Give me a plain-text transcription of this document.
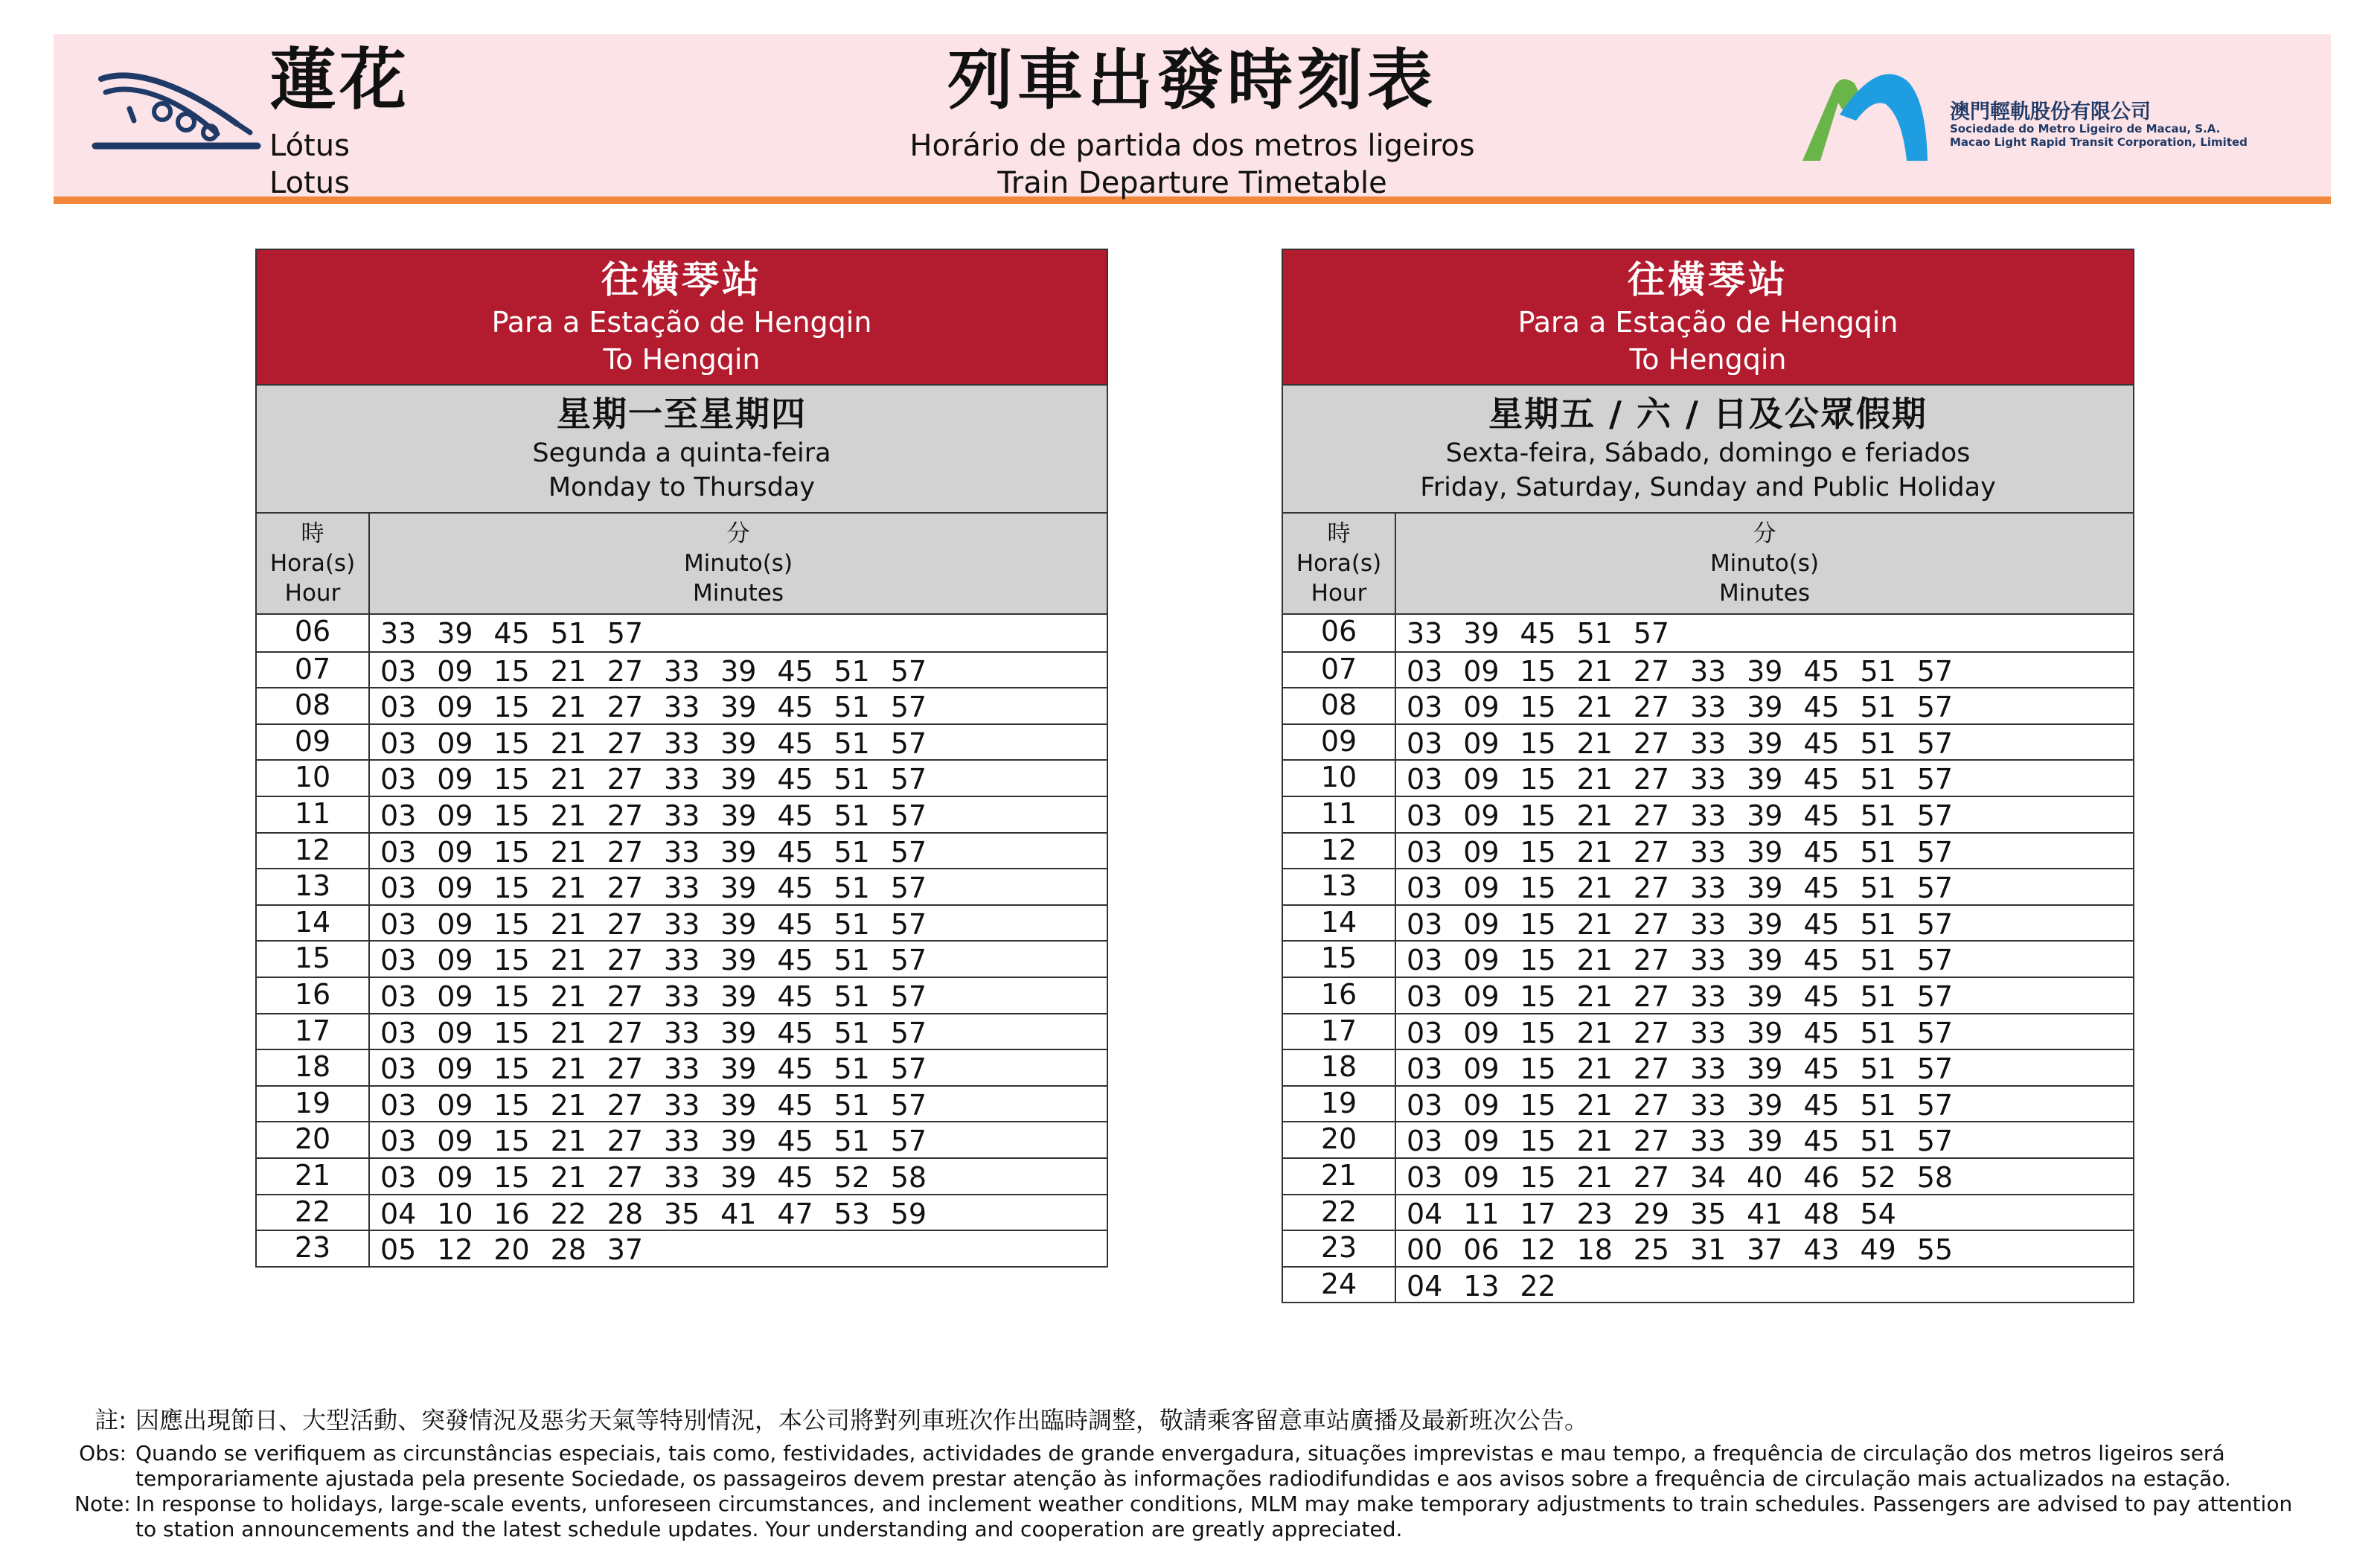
蓮花
Lótus
Lotus
列車出發時刻表
Horário de partida dos metros ligeiros
Train Departure Timetable
澳門輕軌股份有限公司
Sociedade do Metro Ligeiro de Macau, S.A.
Macao Light Rapid Transit Corporation, Limited
往橫琴站
Para a Estação de Hengqin
To Hengqin
星期一至星期四
Segunda a quinta-feira
Monday to Thursday
時
Hora(s)
Hour
分
Minuto(s)
Minutes
06	33 39 45 51 57
07	03 09 15 21 27 33 39 45 51 57
08	03 09 15 21 27 33 39 45 51 57
09	03 09 15 21 27 33 39 45 51 57
10	03 09 15 21 27 33 39 45 51 57
11	03 09 15 21 27 33 39 45 51 57
12	03 09 15 21 27 33 39 45 51 57
13	03 09 15 21 27 33 39 45 51 57
14	03 09 15 21 27 33 39 45 51 57
15	03 09 15 21 27 33 39 45 51 57
16	03 09 15 21 27 33 39 45 51 57
17	03 09 15 21 27 33 39 45 51 57
18	03 09 15 21 27 33 39 45 51 57
19	03 09 15 21 27 33 39 45 51 57
20	03 09 15 21 27 33 39 45 51 57
21	03 09 15 21 27 33 39 45 52 58
22	04 10 16 22 28 35 41 47 53 59
23	05 12 20 28 37
往橫琴站
Para a Estação de Hengqin
To Hengqin
星期五 / 六 / 日及公眾假期
Sexta-feira, Sábado, domingo e feriados
Friday, Saturday, Sunday and Public Holiday
時
Hora(s)
Hour
分
Minuto(s)
Minutes
06	33 39 45 51 57
07	03 09 15 21 27 33 39 45 51 57
08	03 09 15 21 27 33 39 45 51 57
09	03 09 15 21 27 33 39 45 51 57
10	03 09 15 21 27 33 39 45 51 57
11	03 09 15 21 27 33 39 45 51 57
12	03 09 15 21 27 33 39 45 51 57
13	03 09 15 21 27 33 39 45 51 57
14	03 09 15 21 27 33 39 45 51 57
15	03 09 15 21 27 33 39 45 51 57
16	03 09 15 21 27 33 39 45 51 57
17	03 09 15 21 27 33 39 45 51 57
18	03 09 15 21 27 33 39 45 51 57
19	03 09 15 21 27 33 39 45 51 57
20	03 09 15 21 27 33 39 45 51 57
21	03 09 15 21 27 34 40 46 52 58
22	04 11 17 23 29 35 41 48 54
23	00 06 12 18 25 31 37 43 49 55
24	04 13 22
註: 因應出現節日、大型活動、突發情況及惡劣天氣等特別情況，本公司將對列車班次作出臨時調整，敬請乘客留意車站廣播及最新班次公告。
Obs: Quando se verifiquem as circunstâncias especiais, tais como, festividades, actividades de grande envergadura, situações imprevistas e mau tempo, a frequência de circulação dos metros ligeiros será temporariamente ajustada pela presente Sociedade, os passageiros devem prestar atenção às informações radiodifundidas e aos avisos sobre a frequência de circulação mais actualizados na estação.
Note: In response to holidays, large-scale events, unforeseen circumstances, and inclement weather conditions, MLM may make temporary adjustments to train schedules. Passengers are advised to pay attention to station announcements and the latest schedule updates. Your understanding and cooperation are greatly appreciated.
